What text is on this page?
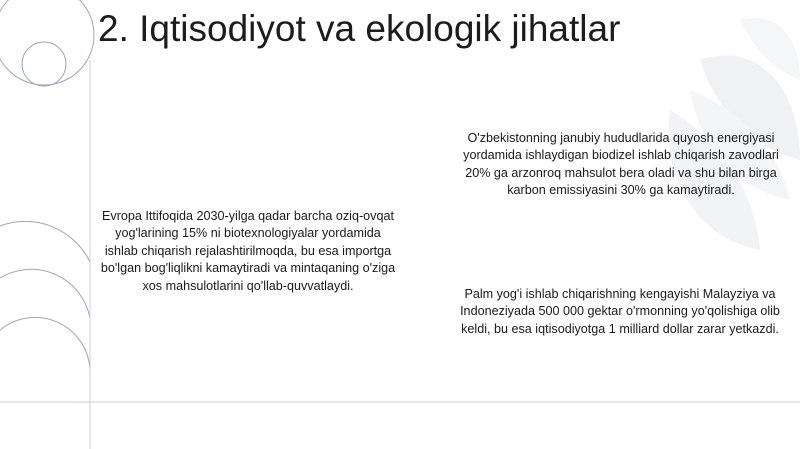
2. Iqtisodiyot va ekologik jihatlar
Evropa Ittifoqida 2030-yilga qadar barcha oziq-ovqat yog'larining 15% ni biotexnologiyalar yordamida ishlab chiqarish rejalashtirilmoqda, bu esa importga bo'lgan bog'liqlikni kamaytiradi va mintaqaning o'ziga xos mahsulotlarini qo'llab-quvvatlaydi.
O'zbekistonning janubiy hududlarida quyosh energiyasi yordamida ishlaydigan biodizel ishlab chiqarish zavodlari 20% ga arzonroq mahsulot bera oladi va shu bilan birga karbon emissiyasini 30% ga kamaytiradi.
Palm yog'i ishlab chiqarishning kengayishi Malayziya va Indoneziyada 500 000 gektar o'rmonning yo'qolishiga olib keldi, bu esa iqtisodiyotga 1 milliard dollar zarar yetkazdi.
